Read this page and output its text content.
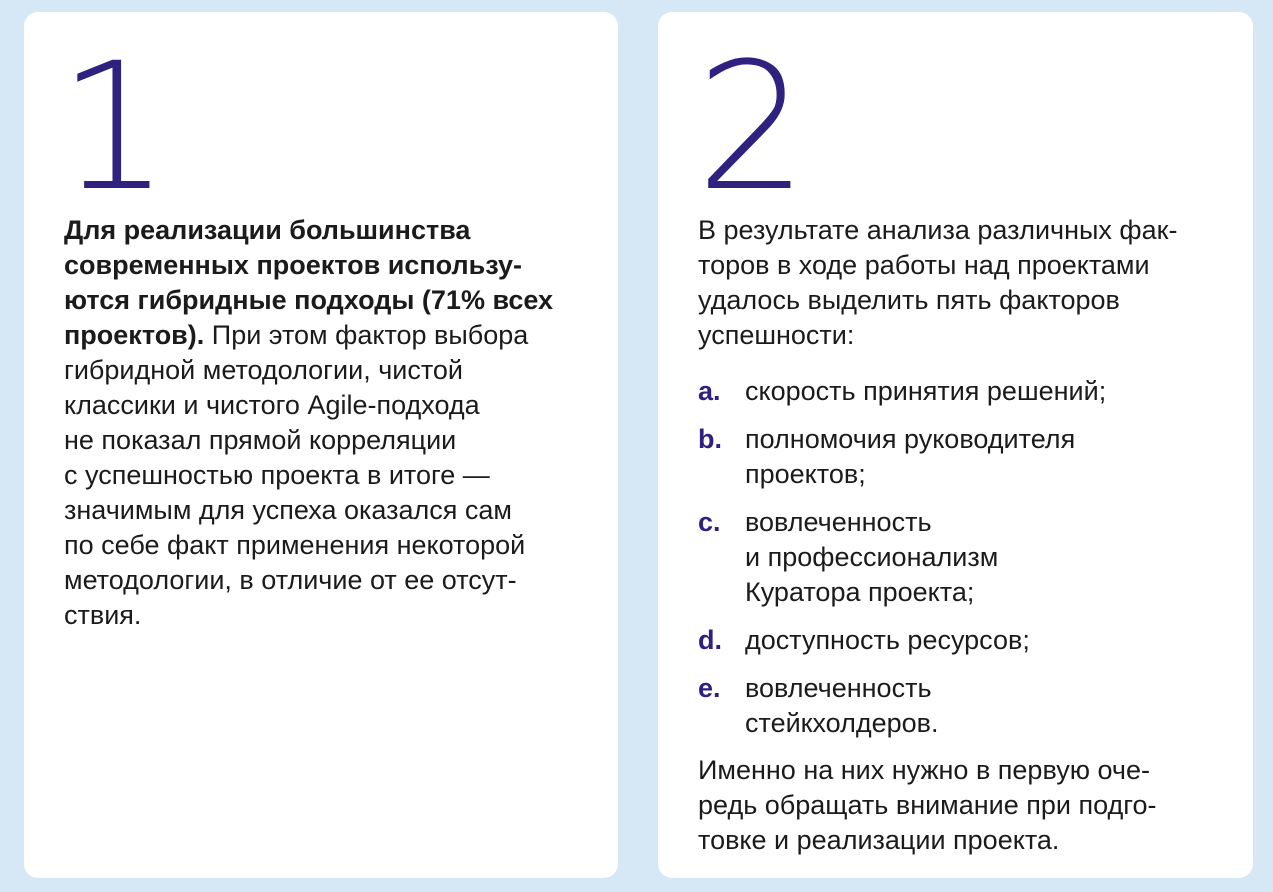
1
Для реализации большинства
современных проектов использу-
ются гибридные подходы (71% всех
проектов). При этом фактор выбора
гибридной методологии, чистой
классики и чистого Agile-подхода
не показал прямой корреляции
с успешностью проекта в итоге —
значимым для успеха оказался сам
по себе факт применения некоторой
методологии, в отличие от ее отсут-
ствия.
2
В результате анализа различных фак-
торов в ходе работы над проектами
удалось выделить пять факторов
успешности:
a. скорость принятия решений;
b. полномочия руководителя
проектов;
c. вовлеченность
и профессионализм
Куратора проекта;
d. доступность ресурсов;
e. вовлеченность
стейкхолдеров.
Именно на них нужно в первую оче-
редь обращать внимание при подго-
товке и реализации проекта.
